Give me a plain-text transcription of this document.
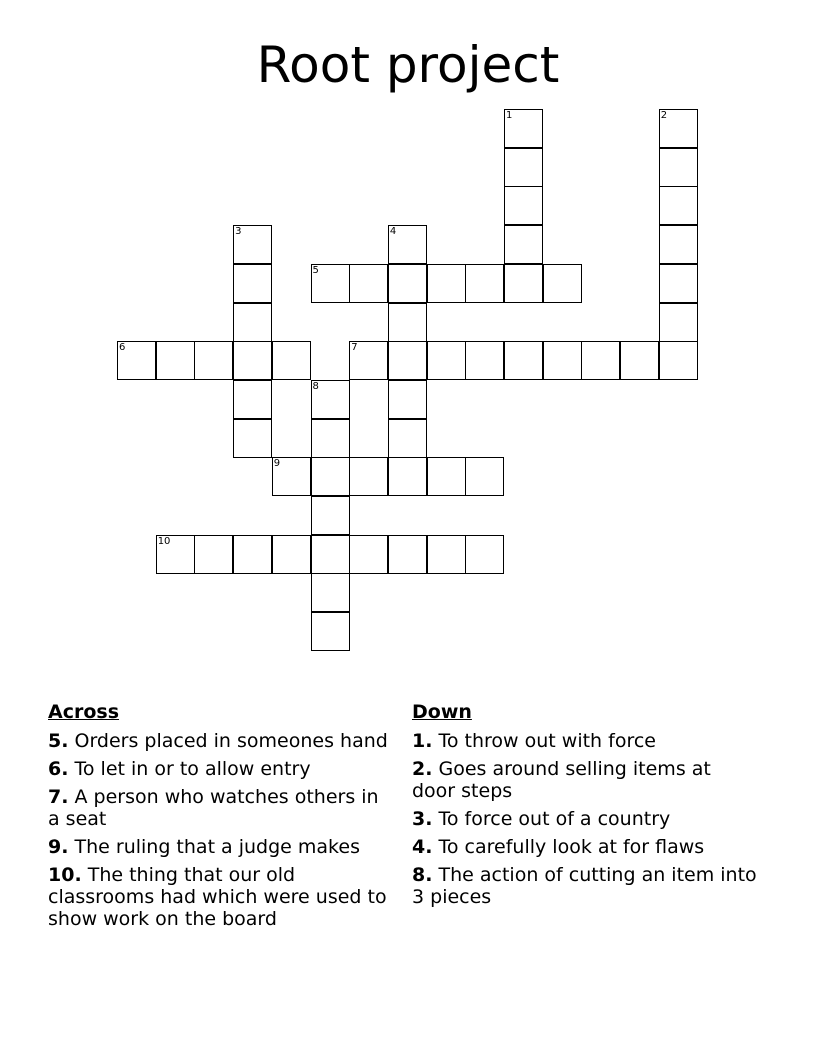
Root project
1	2
3	4
5
6	7
8
9
10
Across
5. Orders placed in someones hand
6. To let in or to allow entry
7. A person who watches others in a seat
9. The ruling that a judge makes
10. The thing that our old classrooms had which were used to show work on the board
Down
1. To throw out with force
2. Goes around selling items at door steps
3. To force out of a country
4. To carefully look at for flaws
8. The action of cutting an item into 3 pieces
